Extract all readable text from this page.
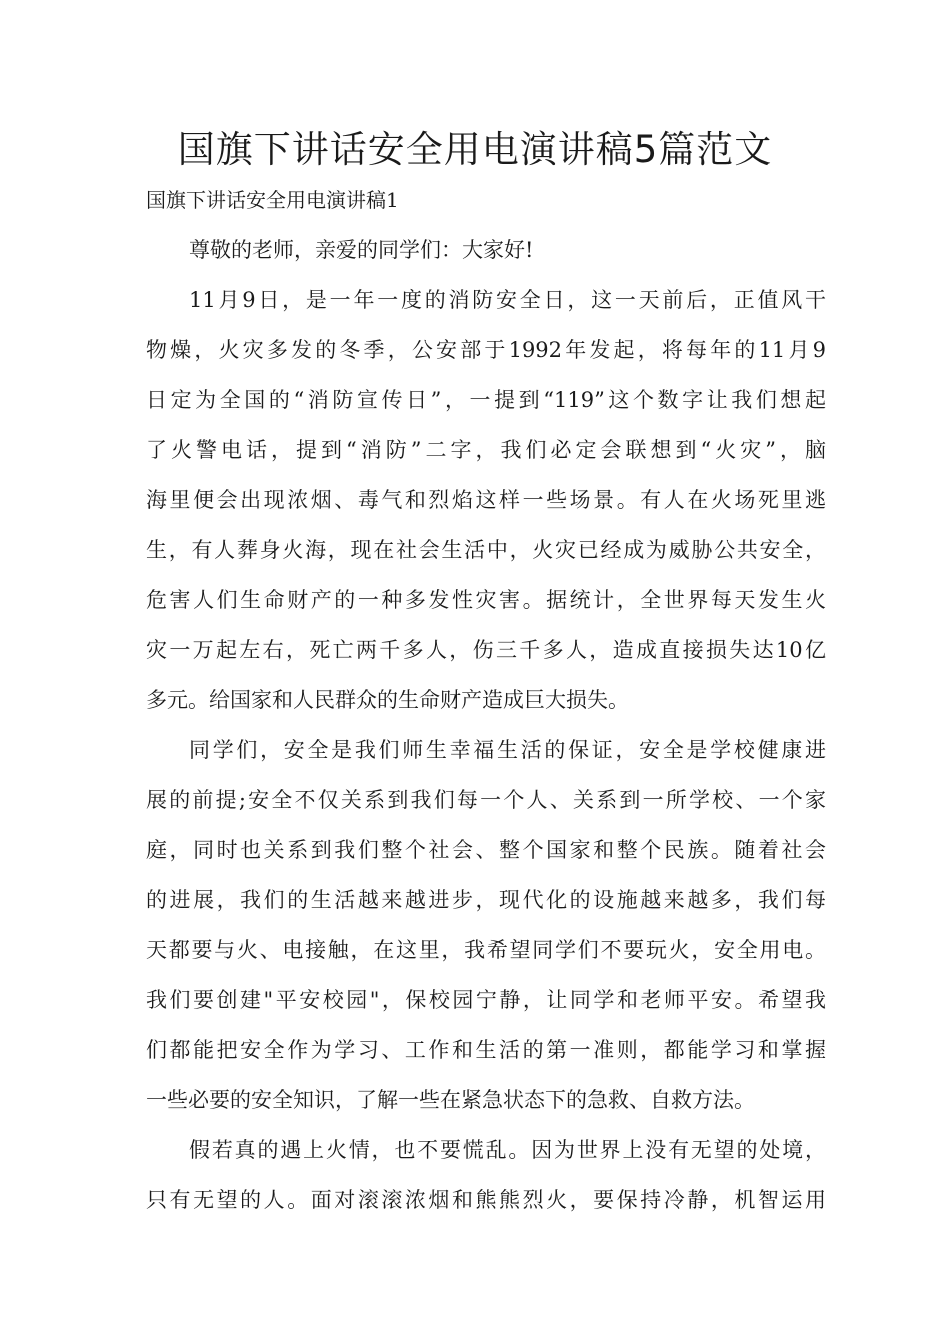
国旗下讲话安全用电演讲稿5篇范文
国旗下讲话安全用电演讲稿1
尊敬的老师，亲爱的同学们：大家好!
11月9日，是一年一度的消防安全日，这一天前后，正值风干
物燥，火灾多发的冬季，公安部于1992年发起，将每年的11月9
日定为全国的“消防宣传日”，一提到“119”这个数字让我们想起
了火警电话，提到“消防”二字，我们必定会联想到“火灾”，脑
海里便会出现浓烟、毒气和烈焰这样一些场景。有人在火场死里逃
生，有人葬身火海，现在社会生活中，火灾已经成为威胁公共安全，
危害人们生命财产的一种多发性灾害。据统计，全世界每天发生火
灾一万起左右，死亡两千多人，伤三千多人，造成直接损失达10亿
多元。给国家和人民群众的生命财产造成巨大损失。
同学们，安全是我们师生幸福生活的保证，安全是学校健康进
展的前提;安全不仅关系到我们每一个人、关系到一所学校、一个家
庭，同时也关系到我们整个社会、整个国家和整个民族。随着社会
的进展，我们的生活越来越进步，现代化的设施越来越多，我们每
天都要与火、电接触，在这里，我希望同学们不要玩火，安全用电。
我们要创建"平安校园"，保校园宁静，让同学和老师平安。希望我
们都能把安全作为学习、工作和生活的第一准则，都能学习和掌握
一些必要的安全知识，了解一些在紧急状态下的急救、自救方法。
假若真的遇上火情，也不要慌乱。因为世界上没有无望的处境，
只有无望的人。面对滚滚浓烟和熊熊烈火，要保持冷静，机智运用
